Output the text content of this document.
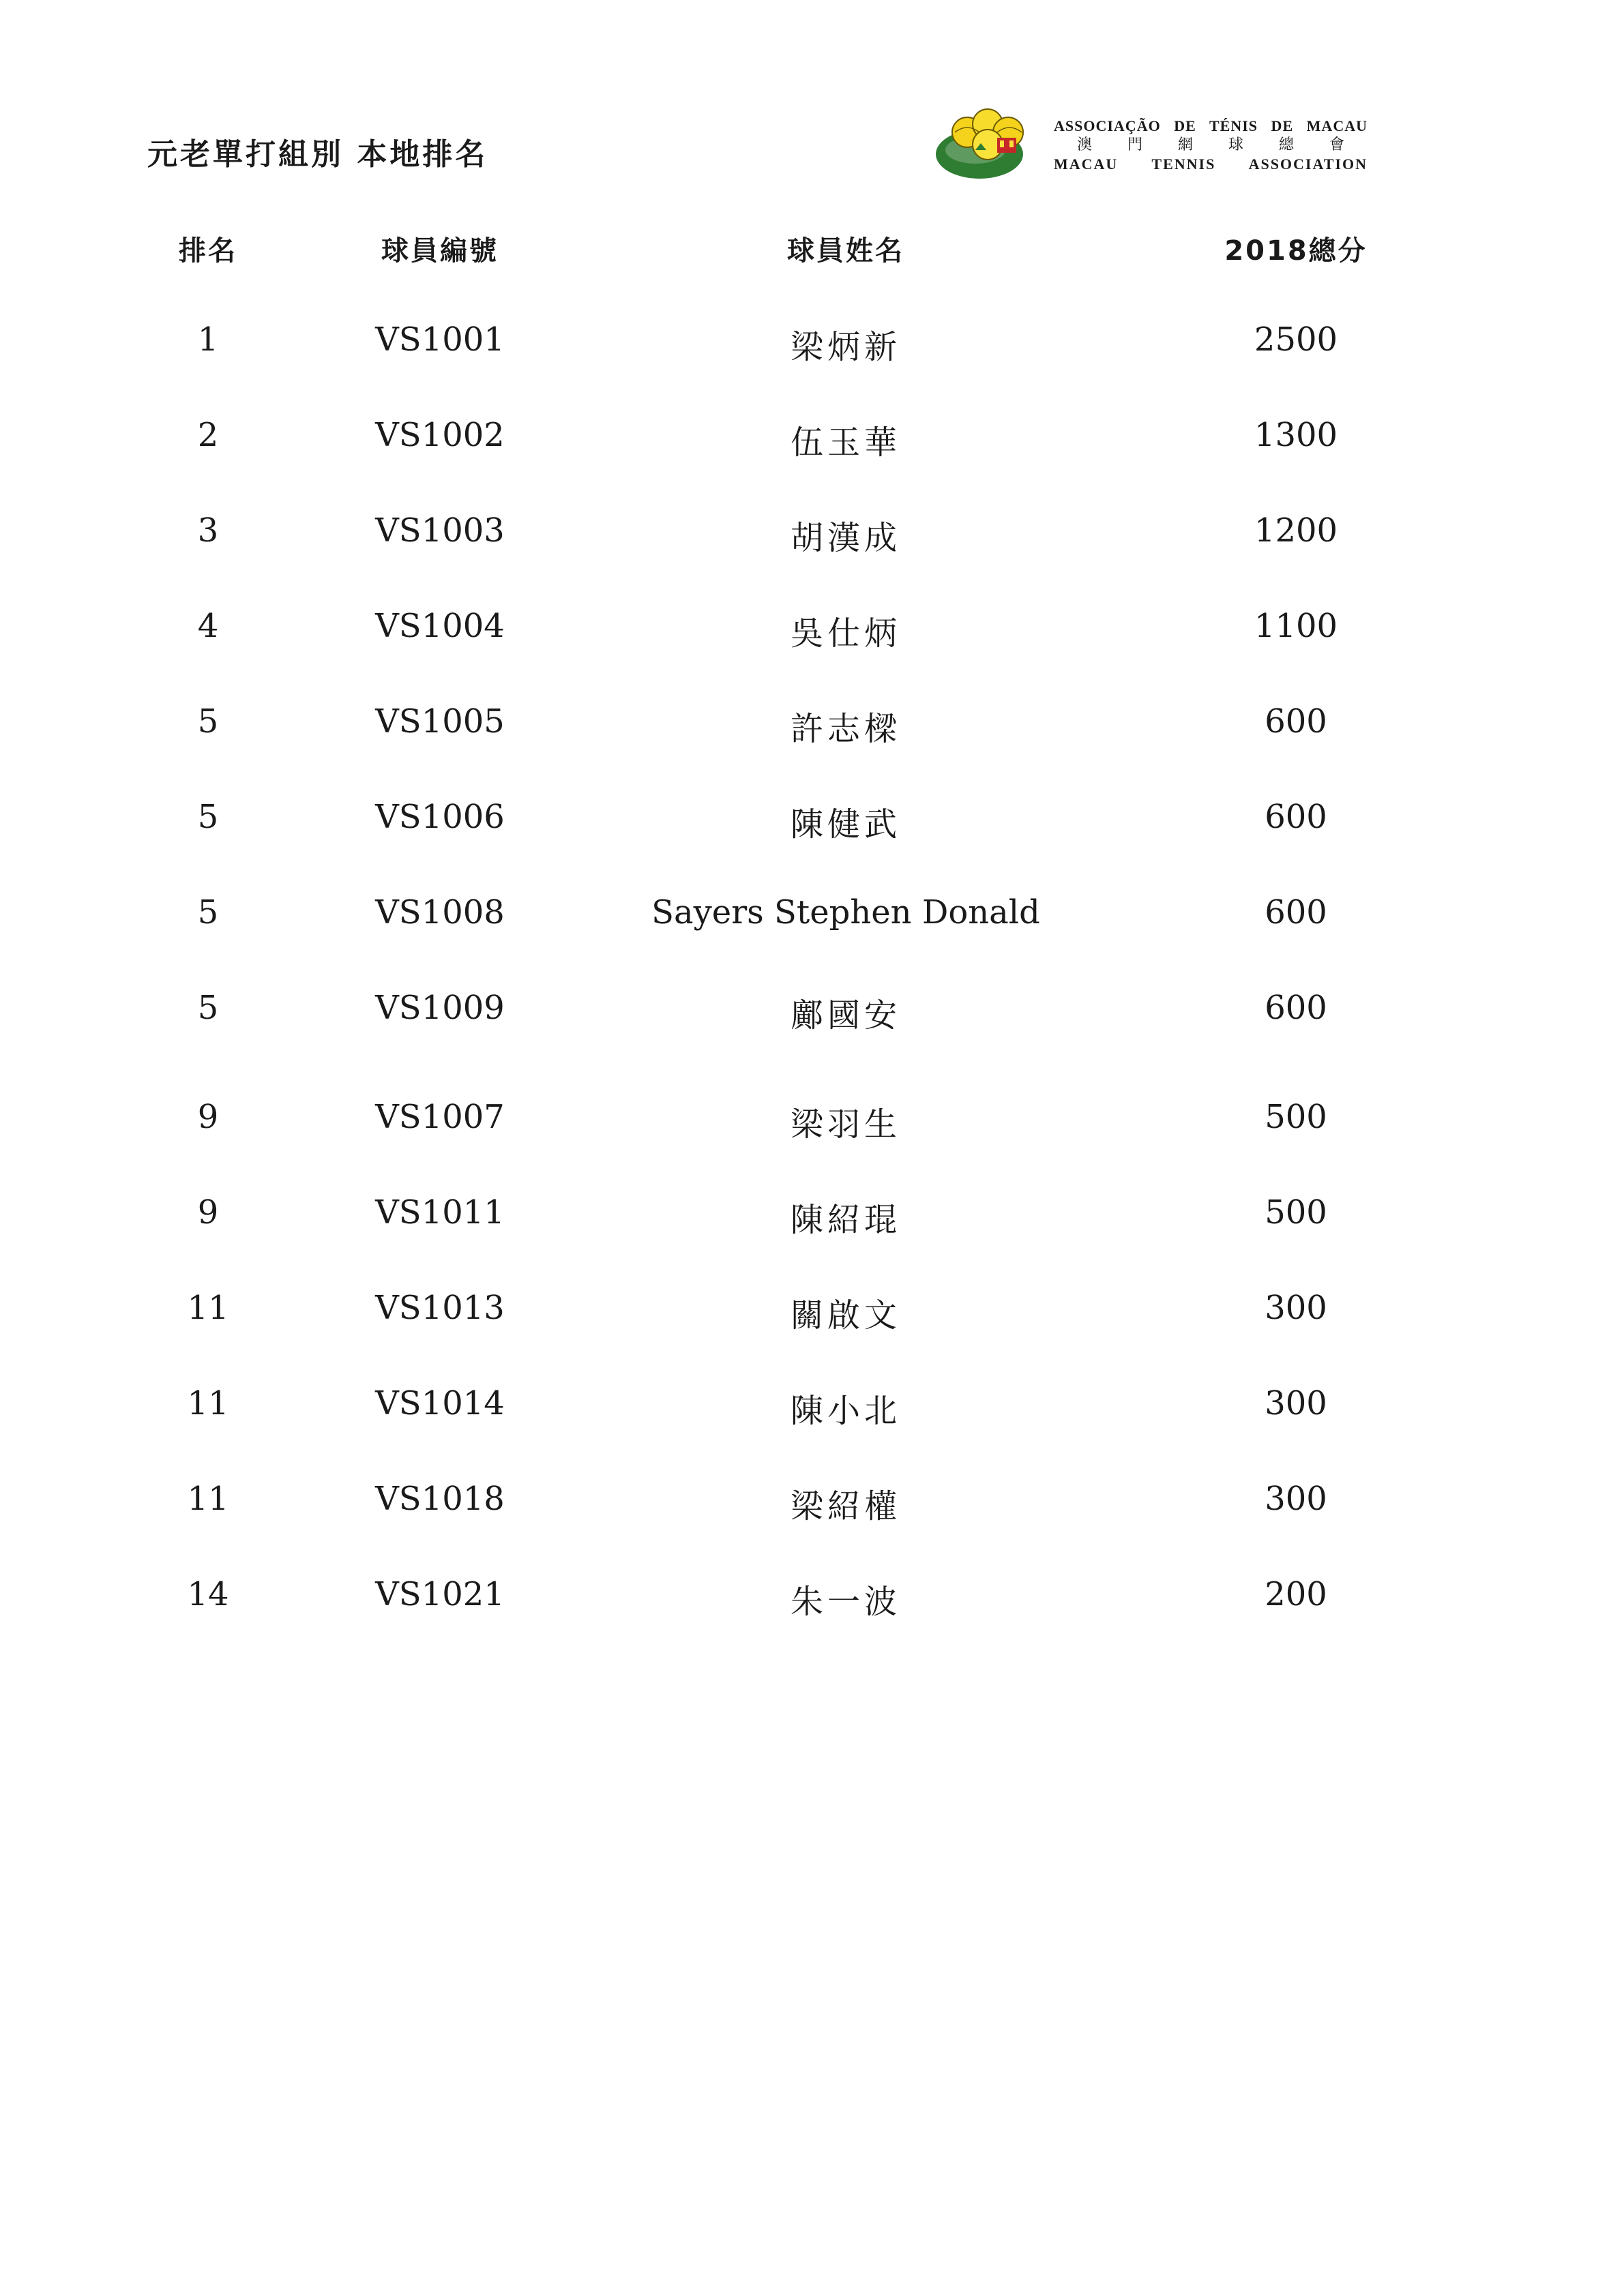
元老單打組別 本地排名
ASSOCIAÇÃO DE TÉNIS DE MACAU
澳 門 網 球 總 會
MACAU TENNIS ASSOCIATION
排名	球員編號	球員姓名	2018總分
1	VS1001	梁炳新	2500
2	VS1002	伍玉華	1300
3	VS1003	胡漢成	1200
4	VS1004	吳仕炳	1100
5	VS1005	許志樑	600
5	VS1006	陳健武	600
5	VS1008	Sayers Stephen Donald	600
5	VS1009	鄺國安	600
9	VS1007	梁羽生	500
9	VS1011	陳紹琨	500
11	VS1013	關啟文	300
11	VS1014	陳小北	300
11	VS1018	梁紹權	300
14	VS1021	朱一波	200
